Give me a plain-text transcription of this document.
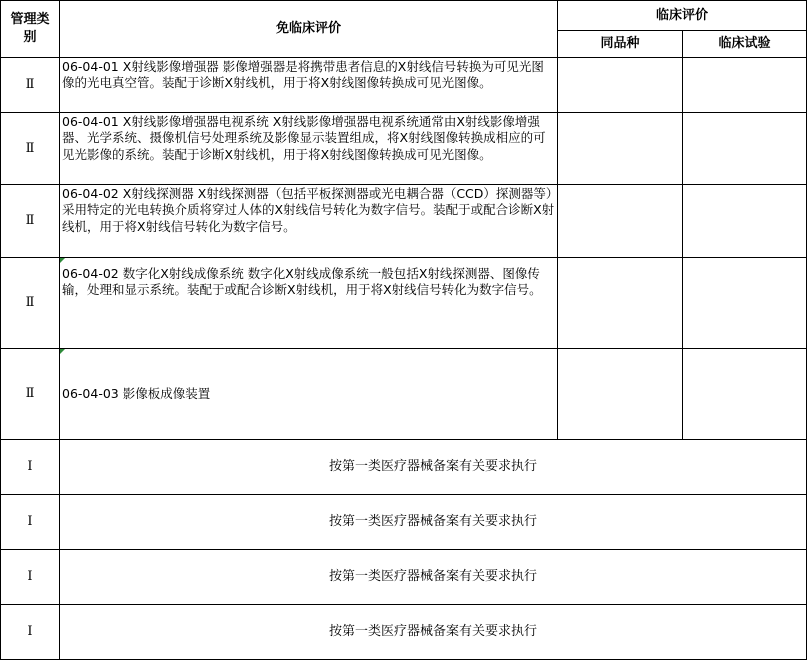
管理类别	免临床评价	临床评价	
		同品种	临床试验
Ⅱ	06-04-01 X射线影像增强器 影像增强器是将携带患者信息的X射线信号转换为可见光图像的光电真空管。装配于诊断X射线机，用于将X射线图像转换成可见光图像。		
Ⅱ	06-04-01 X射线影像增强器电视系统 X射线影像增强器电视系统通常由X射线影像增强器、光学系统、摄像机信号处理系统及影像显示装置组成，将X射线图像转换成相应的可见光影像的系统。装配于诊断X射线机，用于将X射线图像转换成可见光图像。		
Ⅱ	06-04-02 X射线探测器 X射线探测器（包括平板探测器或光电耦合器（CCD）探测器等）采用特定的光电转换介质将穿过人体的X射线信号转化为数字信号。装配于或配合诊断X射线机，用于将X射线信号转化为数字信号。		
Ⅱ	06-04-02 数字化X射线成像系统 数字化X射线成像系统一般包括X射线探测器、图像传输，处理和显示系统。装配于或配合诊断X射线机，用于将X射线信号转化为数字信号。		
Ⅱ	06-04-03 影像板成像装置		
Ⅰ	按第一类医疗器械备案有关要求执行		
Ⅰ	按第一类医疗器械备案有关要求执行		
Ⅰ	按第一类医疗器械备案有关要求执行		
Ⅰ	按第一类医疗器械备案有关要求执行		
